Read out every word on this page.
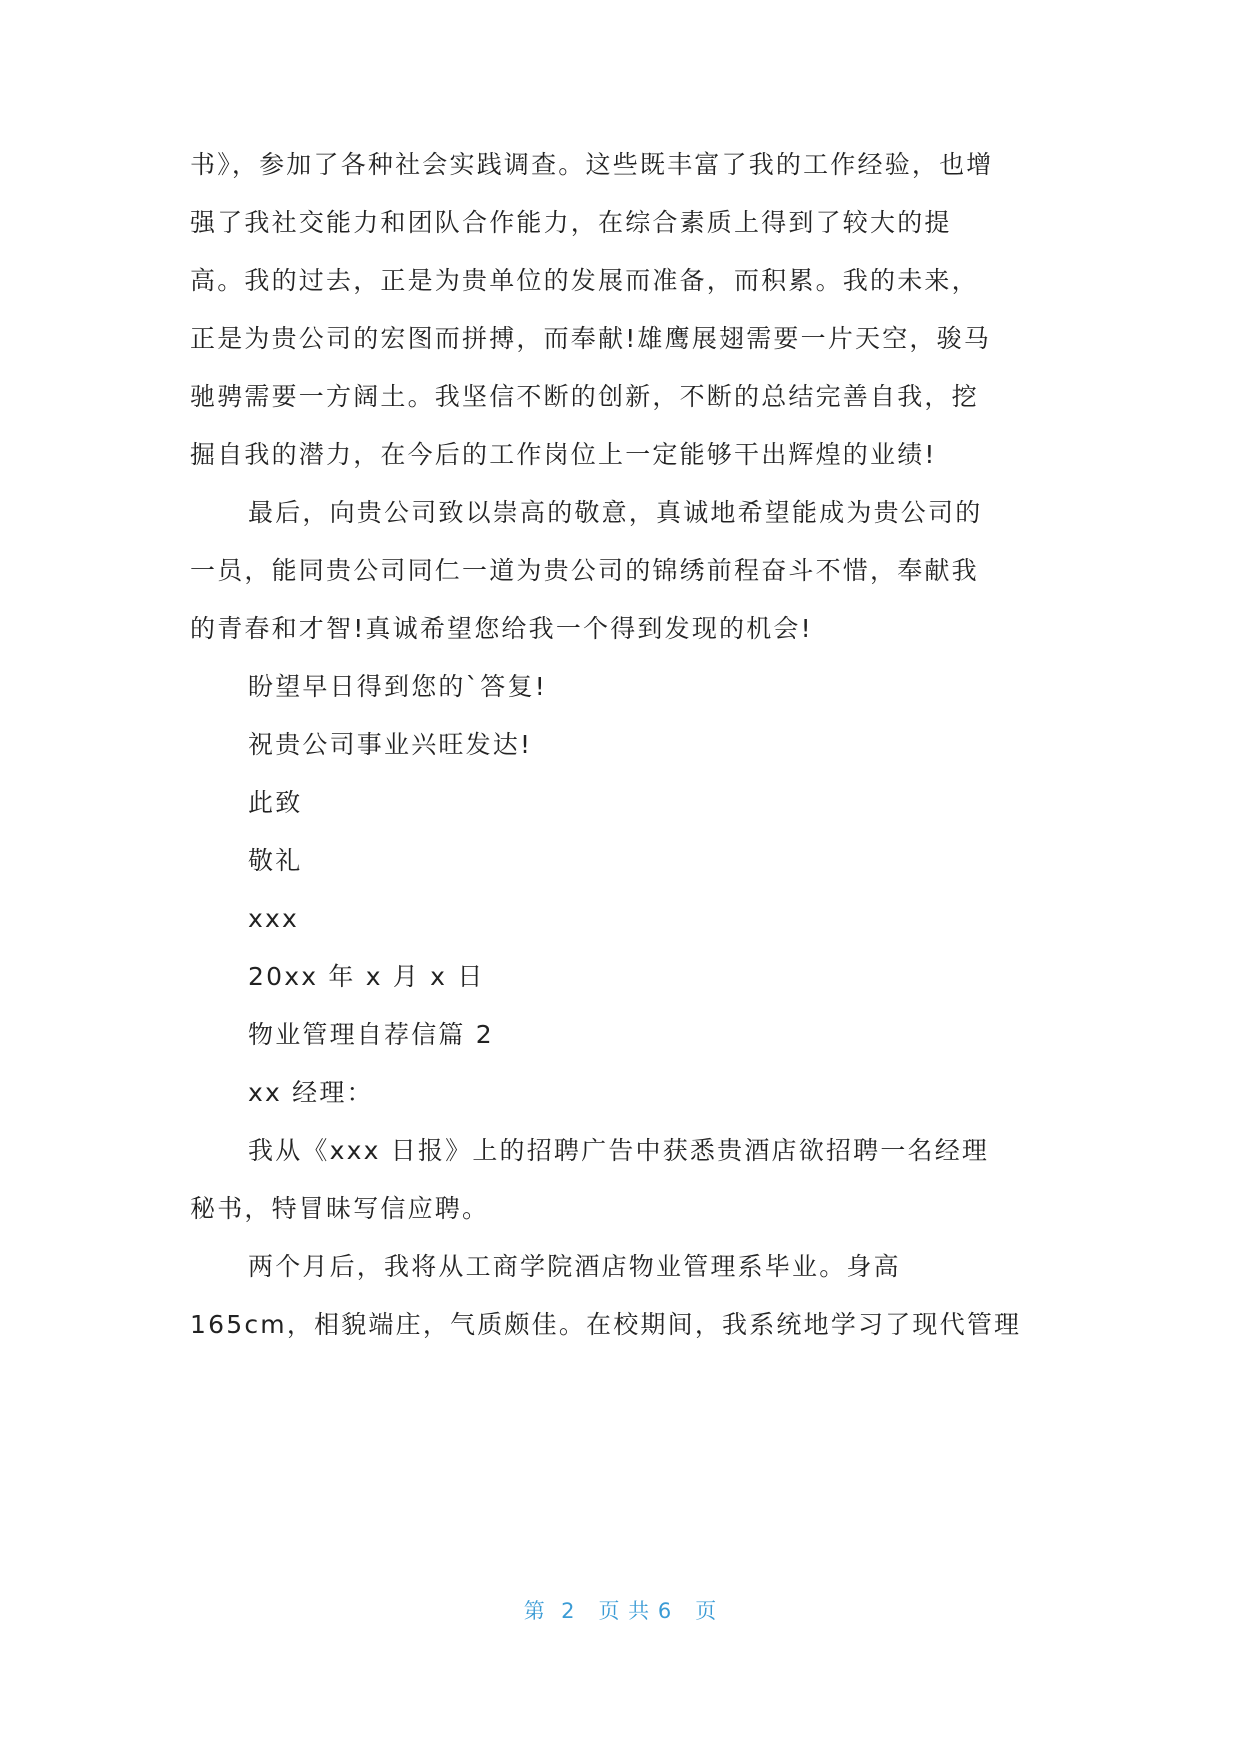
书》，参加了各种社会实践调查。这些既丰富了我的工作经验，也增
强了我社交能力和团队合作能力，在综合素质上得到了较大的提
高。我的过去，正是为贵单位的发展而准备，而积累。我的未来，
正是为贵公司的宏图而拼搏，而奉献!雄鹰展翅需要一片天空，骏马
驰骋需要一方阔土。我坚信不断的创新，不断的总结完善自我，挖
掘自我的潜力，在今后的工作岗位上一定能够干出辉煌的业绩!
最后，向贵公司致以崇高的敬意，真诚地希望能成为贵公司的
一员，能同贵公司同仁一道为贵公司的锦绣前程奋斗不惜，奉献我
的青春和才智!真诚希望您给我一个得到发现的机会!
盼望早日得到您的`答复!
祝贵公司事业兴旺发达!
此致
敬礼
xxx
20xx 年 x 月 x 日
物业管理自荐信篇 2
xx 经理：
我从《xxx 日报》上的招聘广告中获悉贵酒店欲招聘一名经理
秘书，特冒昧写信应聘。
两个月后，我将从工商学院酒店物业管理系毕业。身高
165cm，相貌端庄，气质颇佳。在校期间，我系统地学习了现代管理
第  2   页 共 6   页
